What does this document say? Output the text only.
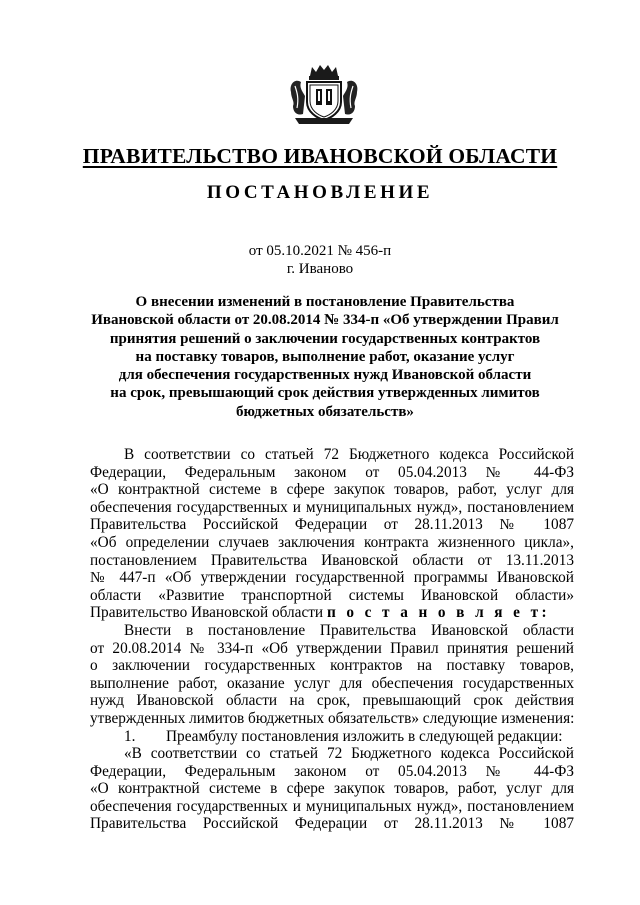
ПРАВИТЕЛЬСТВО ИВАНОВСКОЙ ОБЛАСТИ
ПОСТАНОВЛЕНИЕ
от 05.10.2021 № 456-п
г. Иваново
О внесении изменений в постановление Правительства
Ивановской области от 20.08.2014 № 334-п «Об утверждении Правил
принятия решений о заключении государственных контрактов
на поставку товаров, выполнение работ, оказание услуг
для обеспечения государственных нужд Ивановской области
на срок, превышающий срок действия утвержденных лимитов
бюджетных обязательств»
В соответствии со статьей 72 Бюджетного кодекса Российской
Федерации, Федеральным законом от 05.04.2013 № 44-ФЗ
«О контрактной системе в сфере закупок товаров, работ, услуг для
обеспечения государственных и муниципальных нужд», постановлением
Правительства Российской Федерации от 28.11.2013 № 1087
«Об определении случаев заключения контракта жизненного цикла»,
постановлением Правительства Ивановской области от 13.11.2013
№ 447-п «Об утверждении государственной программы Ивановской
области «Развитие транспортной системы Ивановской области»
Правительство Ивановской области п о с т а н о в л я е т:
Внести в постановление Правительства Ивановской области
от 20.08.2014 № 334-п «Об утверждении Правил принятия решений
о заключении государственных контрактов на поставку товаров,
выполнение работ, оказание услуг для обеспечения государственных
нужд Ивановской области на срок, превышающий срок действия
утвержденных лимитов бюджетных обязательств» следующие изменения:
1. Преамбулу постановления изложить в следующей редакции:
«В соответствии со статьей 72 Бюджетного кодекса Российской
Федерации, Федеральным законом от 05.04.2013 № 44-ФЗ
«О контрактной системе в сфере закупок товаров, работ, услуг для
обеспечения государственных и муниципальных нужд», постановлением
Правительства Российской Федерации от 28.11.2013 № 1087
